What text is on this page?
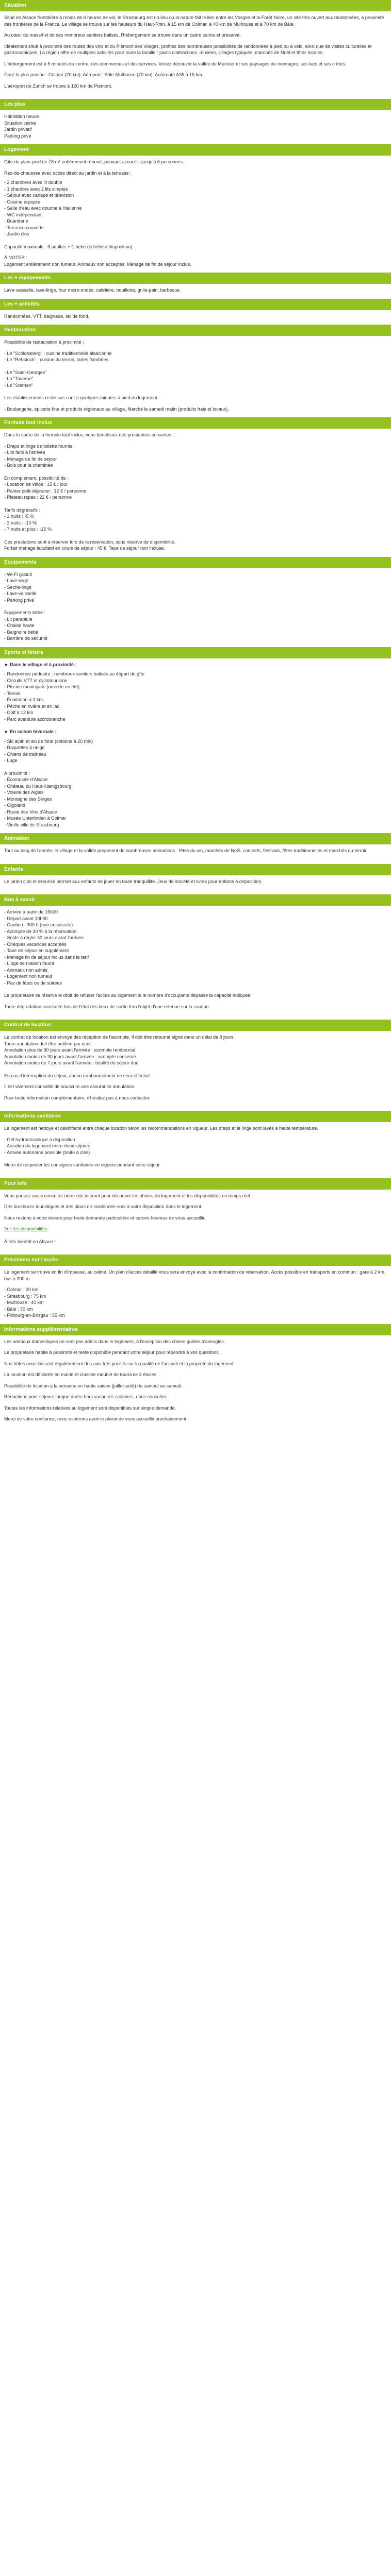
Situation

Situé en Alsace frontalière à moins de 6 heures de vol, le Strasbourg est un lieu où la nature fait le lien entre les Vosges et la Forêt Noire, un site très ouvert aux randonnées, à proximité des frontières de la France. Le village se trouve sur les hauteurs du Haut-Rhin, à 15 km de Colmar, à 40 km de Mulhouse et à 70 km de Bâle.

Au cœur du massif et de ses nombreux sentiers balisés, l'hébergement se trouve dans un cadre calme et préservé.

Idéalement situé à proximité des routes des vins et du Piémont des Vosges, profitez des nombreuses possibilités de randonnées à pied ou à vélo, ainsi que de visites culturelles et gastronomiques. La région offre de multiples activités pour toute la famille : parcs d'attractions, musées, villages typiques, marchés de Noël et fêtes locales.

L'hébergement est à 5 minutes du centre, des commerces et des services. Venez découvrir la vallée de Munster et ses paysages de montagne, ses lacs et ses crêtes.

Gare la plus proche : Colmar (20 km). Aéroport : Bâle-Mulhouse (70 km). Autoroute A35 à 15 km.

L'aéroport de Zurich se trouve à 120 km de Piémont.

Les plus
Habitation neuve
Situation calme
Jardin privatif
Parking privé
Logement

Gîte de plain-pied de 78 m² entièrement rénové, pouvant accueillir jusqu'à 6 personnes.

Rez-de-chaussée avec accès direct au jardin et à la terrasse :
- 2 chambres avec lit double
- 1 chambre avec 2 lits simples
- Séjour avec canapé et télévision
- Cuisine équipée
- Salle d'eau avec douche à l'italienne
- WC indépendant
- Buanderie
- Terrasse couverte
- Jardin clos

Capacité maximale : 6 adultes + 1 bébé (lit bébé à disposition).

À NOTER :
Logement entièrement non fumeur. Animaux non acceptés. Ménage de fin de séjour inclus.
Les + équipements
Lave-vaisselle, lave-linge, four micro-ondes, cafetière, bouilloire, grille-pain, barbecue.
Les + activités
Randonnées, VTT, baignade, ski de fond.
Restauration

Possibilité de restauration à proximité :

- Le "Schlossberg" : cuisine traditionnelle alsacienne
- Le "Rebstock" : cuisine du terroir, tartes flambées
- Le "Saint-Georges"
- La "Taverne"
- Le "Sternen"

Les établissements ci-dessus sont à quelques minutes à pied du logement.

- Boulangerie, épicerie fine et produits régionaux au village. Marché le samedi matin (produits frais et locaux).
Formule tout inclus

Dans le cadre de la formule tout inclus, vous bénéficiez des prestations suivantes :

- Draps et linge de toilette fournis
- Lits faits à l'arrivée
- Ménage de fin de séjour
- Bois pour la cheminée
En complément, possibilité de :
- Location de vélos : 15 € / jour
- Panier petit-déjeuner : 12 € / personne
- Plateau repas : 22 € / personne
Tarifs dégressifs :
- 2 nuits : -5 %
- 3 nuits : -10 %
- 7 nuits et plus : -15 %
Ces prestations sont à réserver lors de la réservation, sous réserve de disponibilité.
Forfait ménage facultatif en cours de séjour : 45 €. Taxe de séjour non incluse.
Équipements
- Wi-Fi gratuit
- Lave-linge
- Sèche-linge
- Lave-vaisselle
- Parking privé
Équipements bébé :
- Lit parapluie
- Chaise haute
- Baignoire bébé
- Barrière de sécurité
Sports et loisirs
► Dans le village et à proximité :
- Randonnée pédestre : nombreux sentiers balisés au départ du gîte
- Circuits VTT et cyclotourisme
- Piscine municipale (ouverte en été)
- Tennis
- Équitation à 3 km
- Pêche en rivière et en lac
- Golf à 12 km
- Parc aventure accrobranche
► En saison hivernale :
- Ski alpin et ski de fond (stations à 20 min)
- Raquettes à neige
- Chiens de traîneau
- Luge
À proximité :
- Écomusée d'Alsace
- Château du Haut-Kœnigsbourg
- Volerie des Aigles
- Montagne des Singes
- Cigoland
- Route des Vins d'Alsace
- Musée Unterlinden à Colmar
- Vieille ville de Strasbourg
Animation

Tout au long de l'année, le village et la vallée proposent de nombreuses animations : fêtes du vin, marchés de Noël, concerts, festivals, fêtes traditionnelles et marchés du terroir.

Enfants

Le jardin clos et sécurisé permet aux enfants de jouer en toute tranquillité. Jeux de société et livres pour enfants à disposition.

Bon à savoir
- Arrivée à partir de 16h00
- Départ avant 10h00
- Caution : 300 € (non encaissée)
- Acompte de 30 % à la réservation
- Solde à régler 30 jours avant l'arrivée
- Chèques vacances acceptés
- Taxe de séjour en supplément
- Ménage fin de séjour inclus dans le tarif
- Linge de maison fourni
- Animaux non admis
- Logement non fumeur
- Pas de fêtes ou de soirées

Le propriétaire se réserve le droit de refuser l'accès au logement si le nombre d'occupants dépasse la capacité indiquée.

Toute dégradation constatée lors de l'état des lieux de sortie fera l'objet d'une retenue sur la caution.

Contrat de location
Le contrat de location est envoyé dès réception de l'acompte. Il doit être retourné signé dans un délai de 8 jours.
Toute annulation doit être notifiée par écrit.
Annulation plus de 30 jours avant l'arrivée : acompte remboursé.
Annulation moins de 30 jours avant l'arrivée : acompte conservé.
Annulation moins de 7 jours avant l'arrivée : totalité du séjour due.

En cas d'interruption du séjour, aucun remboursement ne sera effectué.

Il est vivement conseillé de souscrire une assurance annulation.

Pour toute information complémentaire, n'hésitez pas à nous contacter.

Informations sanitaires

Le logement est nettoyé et désinfecté entre chaque location selon les recommandations en vigueur. Les draps et le linge sont lavés à haute température.

- Gel hydroalcoolique à disposition
- Aération du logement entre deux séjours
- Arrivée autonome possible (boîte à clés)

Merci de respecter les consignes sanitaires en vigueur pendant votre séjour.

Pour info

Vous pouvez aussi consulter notre site internet pour découvrir les photos du logement et les disponibilités en temps réel.

Des brochures touristiques et des plans de randonnée sont à votre disposition dans le logement.

Nous restons à votre écoute pour toute demande particulière et serons heureux de vous accueillir.

Voir les disponibilités

À très bientôt en Alsace !

Précisions sur l'accès

Le logement se trouve en fin d'impasse, au calme. Un plan d'accès détaillé vous sera envoyé avec la confirmation de réservation. Accès possible en transports en commun : gare à 2 km, bus à 300 m.

- Colmar : 20 km
- Strasbourg : 75 km
- Mulhouse : 40 km
- Bâle : 70 km
- Fribourg-en-Brisgau : 55 km
Informations supplémentaires

Les animaux domestiques ne sont pas admis dans le logement, à l'exception des chiens guides d'aveugles.

Le propriétaire habite à proximité et reste disponible pendant votre séjour pour répondre à vos questions.

Nos hôtes nous laissent régulièrement des avis très positifs sur la qualité de l'accueil et la propreté du logement.

La location est déclarée en mairie et classée meublé de tourisme 3 étoiles.

Possibilité de location à la semaine en haute saison (juillet-août) du samedi au samedi.

Réductions pour séjours longue durée hors vacances scolaires, nous consulter.

Toutes les informations relatives au logement sont disponibles sur simple demande.

Merci de votre confiance, nous espérons avoir le plaisir de vous accueillir prochainement.
